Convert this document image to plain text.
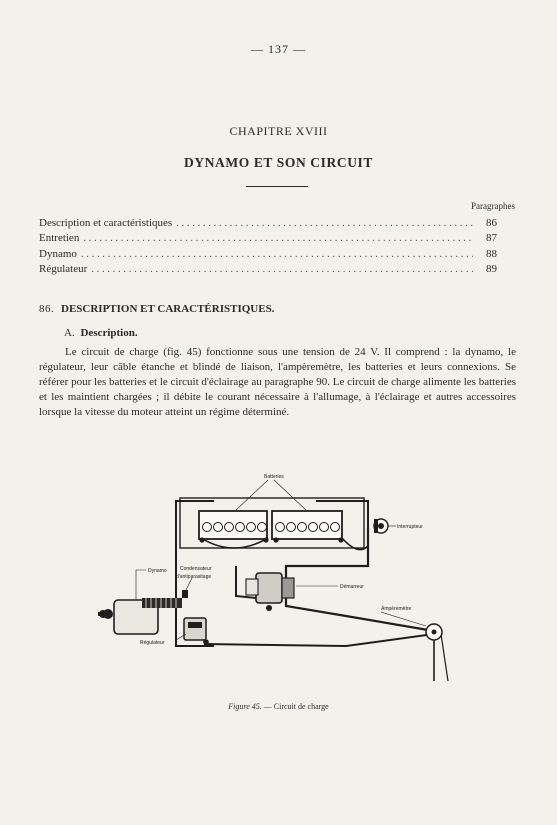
— 137 —
CHAPITRE XVIII
DYNAMO ET SON CIRCUIT
Paragraphes
Description et caractéristiques .....	86
Entretien .....	87
Dynamo .....	88
Régulateur .....	89
86. DESCRIPTION ET CARACTÉRISTIQUES.
A. Description.
Le circuit de charge (fig. 45) fonctionne sous une tension de 24 V. Il comprend : la dynamo, le régulateur, leur câble étanche et blindé de liaison, l'ampèremètre, les batteries et leurs connexions. Se référer pour les batteries et le circuit d'éclairage au paragraphe 90. Le circuit de charge alimente les batteries et les maintient chargées ; il débite le courant nécessaire à l'allumage, à l'éclairage et autres accessoires lorsque la vitesse du moteur atteint un régime déterminé.
Batteries
Interrupteur
Démarreur
Ampèremètre
Dynamo	Condensateur
d'antiparasitage
Régulateur
Figure 45. — Circuit de charge
